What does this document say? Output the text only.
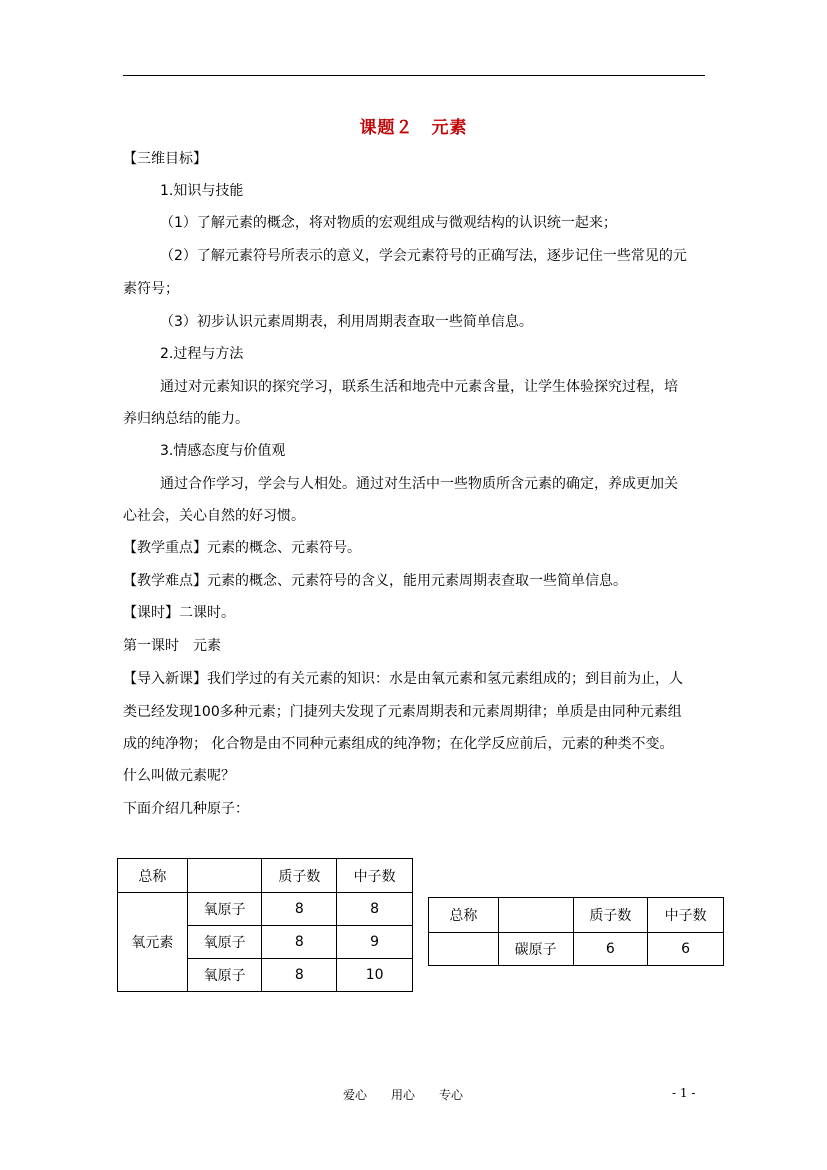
课题２　元素
【三维目标】
1.知识与技能
（1）了解元素的概念，将对物质的宏观组成与微观结构的认识统一起来；
（2）了解元素符号所表示的意义，学会元素符号的正确写法，逐步记住一些常见的元
素符号；
（3）初步认识元素周期表，利用周期表查取一些简单信息。
2.过程与方法
通过对元素知识的探究学习，联系生活和地壳中元素含量，让学生体验探究过程，培
养归纳总结的能力。
3.情感态度与价值观
通过合作学习，学会与人相处。通过对生活中一些物质所含元素的确定，养成更加关
心社会，关心自然的好习惯。
【教学重点】元素的概念、元素符号。
【教学难点】元素的概念、元素符号的含义，能用元素周期表查取一些简单信息。
【课时】二课时。
第一课时　元素
【导入新课】我们学过的有关元素的知识：水是由氧元素和氢元素组成的；到目前为止，人
类已经发现100多种元素；门捷列夫发现了元素周期表和元素周期律；单质是由同种元素组
成的纯净物； 化合物是由不同种元素组成的纯净物；在化学反应前后，元素的种类不变。
什么叫做元素呢？
下面介绍几种原子：
总称		质子数	中子数
氧元素	氧原子	8	8
	氧原子	8	9
	氧原子	8	10
总称		质子数	中子数
	碳原子	6	6
爱心　　用心　　专心	- 1 -
